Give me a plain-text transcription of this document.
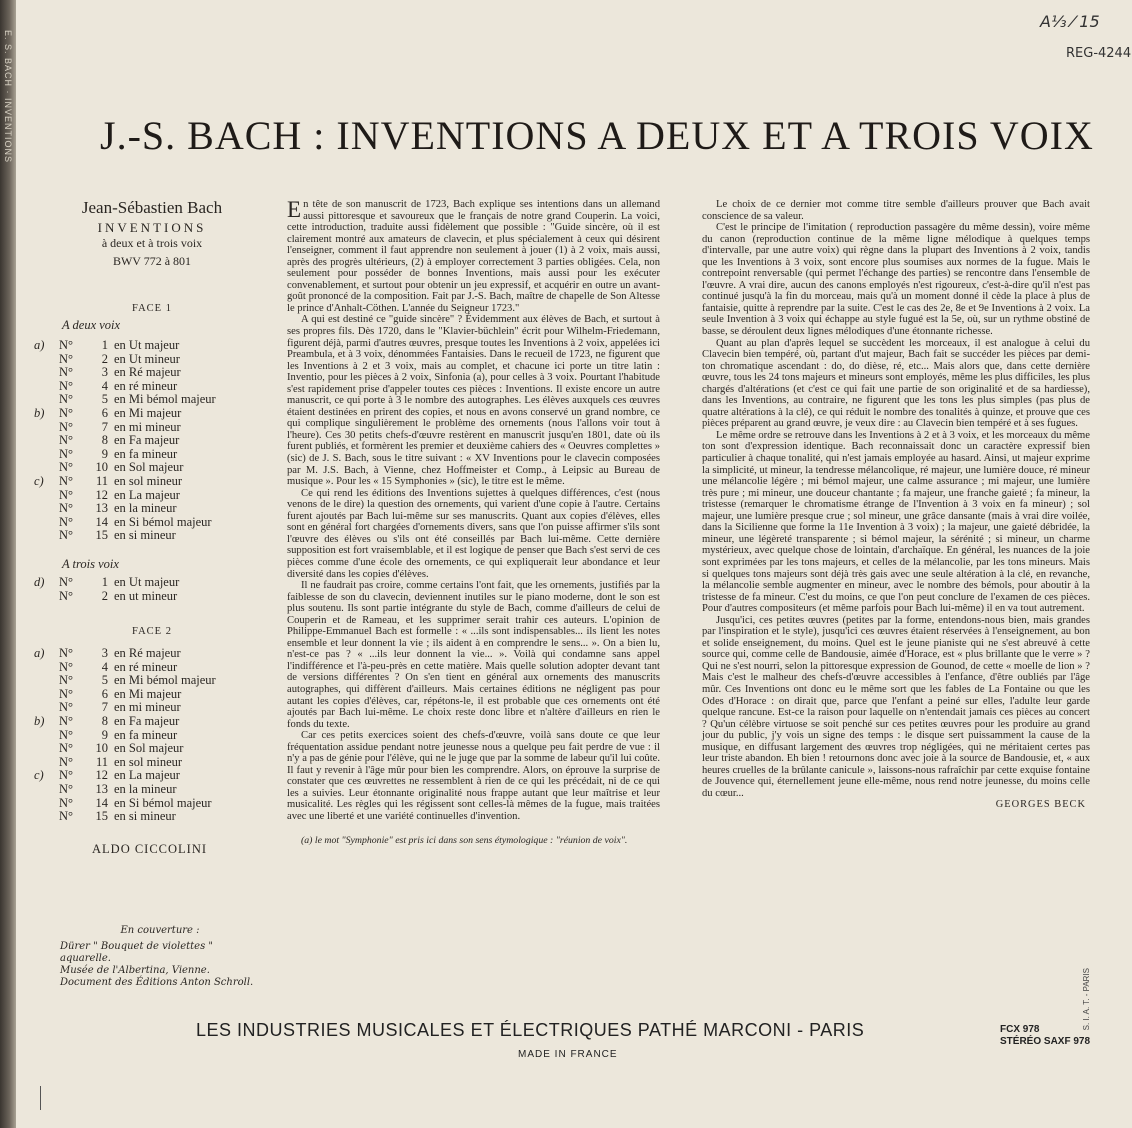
E. S. BACH · INVENTIONS
A⅓ ⁄ 15
REG-4244
J.-S. BACH : INVENTIONS A DEUX ET A TROIS VOIX
Jean-Sébastien Bach
INVENTIONS
à deux et à trois voix
BWV 772 à 801
FACE 1
A deux voix
a) N°	1 en Ut majeur
N°	2 en Ut mineur
N°	3 en Ré majeur
N°	4 en ré mineur
N°	5 en Mi bémol majeur
b) N°	6 en Mi majeur
N°	7 en mi mineur
N°	8 en Fa majeur
N°	9 en fa mineur
N° 10 en Sol majeur
c) N° 11 en sol mineur
N° 12 en La majeur
N° 13 en la mineur
N° 14 en Si bémol majeur
N° 15 en si mineur
A trois voix
d) N°	1 en Ut majeur
N°	2 en ut mineur
FACE 2
a) N°	3 en Ré majeur
N°	4 en ré mineur
N°	5 en Mi bémol majeur
N°	6 en Mi majeur
N°	7 en mi mineur
b) N°	8 en Fa majeur
N°	9 en fa mineur
N° 10 en Sol majeur
N° 11 en sol mineur
c) N° 12 en La majeur
N° 13 en la mineur
N° 14 en Si bémol majeur
N° 15 en si mineur
ALDO CICCOLINI
En couverture :
Dürer " Bouquet de violettes " aquarelle.
Musée de l'Albertina, Vienne.
Document des Éditions Anton Schroll.

En tête de son manuscrit de 1723, Bach explique ses intentions dans un allemand aussi pittoresque et savoureux que le français de notre grand Couperin. La voici, cette introduction, traduite aussi fidèlement que possible : "Guide sincère, où il est clairement montré aux amateurs de clavecin, et plus spécialement à ceux qui désirent l'enseigner, comment il faut apprendre non seulement à jouer (1) à 2 voix, mais aussi, après des progrès ultérieurs, (2) à employer correctement 3 parties obligées. Cela, non seulement pour posséder de bonnes Inventions, mais aussi pour les exécuter convenablement, et surtout pour obtenir un jeu expressif, et acquérir en outre un avant-goût prononcé de la composition. Fait par J.-S. Bach, maître de chapelle de Son Altesse le prince d'Anhalt-Cöthen. L'année du Seigneur 1723."

A qui est destiné ce "guide sincère" ? Évidemment aux élèves de Bach, et surtout à ses propres fils. Dès 1720, dans le "Klavier-büchlein" écrit pour Wilhelm-Friedemann, figurent déjà, parmi d'autres œuvres, presque toutes les Inventions à 2 voix, appelées ici Preambula, et à 3 voix, dénommées Fantaisies. Dans le recueil de 1723, ne figurent que les Inventions à 2 et 3 voix, mais au complet, et chacune ici porte un titre latin : Inventio, pour les pièces à 2 voix, Sinfonia (a), pour celles à 3 voix. Pourtant l'habitude s'est rapidement prise d'appeler toutes ces pièces : Inventions. Il existe encore un autre manuscrit, ce qui porte à 3 le nombre des autographes. Les élèves auxquels ces œuvres étaient destinées en prirent des copies, et nous en avons conservé un grand nombre, ce qui complique singulièrement le problème des ornements (nous l'allons voir tout à l'heure). Ces 30 petits chefs-d'œuvre restèrent en manuscrit jusqu'en 1801, date où ils furent publiés, et formèrent les premier et deuxième cahiers des « Oeuvres complettes » (sic) de J. S. Bach, sous le titre suivant : « XV Inventions pour le clavecin composées par M. J.S. Bach, à Vienne, chez Hoffmeister et Comp., à Leipsic au Bureau de musique ». Pour les « 15 Symphonies » (sic), le titre est le même.

Ce qui rend les éditions des Inventions sujettes à quelques différences, c'est (nous venons de le dire) la question des ornements, qui varient d'une copie à l'autre. Certains furent ajoutés par Bach lui-même sur ses manuscrits. Quant aux copies d'élèves, elles sont en général fort chargées d'ornements divers, sans que l'on puisse affirmer s'ils sont l'œuvre des élèves ou s'ils ont été conseillés par Bach lui-même. Cette dernière supposition est fort vraisemblable, et il est logique de penser que Bach s'est servi de ces pièces comme d'une école des ornements, ce qui expliquerait leur abondance et leur diversité dans les copies d'élèves.

Il ne faudrait pas croire, comme certains l'ont fait, que les ornements, justifiés par la faiblesse de son du clavecin, deviennent inutiles sur le piano moderne, dont le son est plus soutenu. Ils sont partie intégrante du style de Bach, comme d'ailleurs de celui de Couperin et de Rameau, et les supprimer serait trahir ces auteurs. L'opinion de Philippe-Emmanuel Bach est formelle : « ...ils sont indispensables... ils lient les notes ensemble et leur donnent la vie ; ils aident à en comprendre le sens... ». On a bien lu, n'est-ce pas ? « ...ils leur donnent la vie... ». Voilà qui condamne sans appel l'indifférence et l'à-peu-près en cette matière. Mais quelle solution adopter devant tant de versions différentes ? On s'en tient en général aux ornements des manuscrits autographes, qui diffèrent d'ailleurs. Mais certaines éditions ne négligent pas pour autant les copies d'élèves, car, répétons-le, il est probable que ces ornements ont été ajoutés par Bach lui-même. Le choix reste donc libre et n'altère d'ailleurs en rien le fonds du texte.

Car ces petits exercices soient des chefs-d'œuvre, voilà sans doute ce que leur fréquentation assidue pendant notre jeunesse nous a quelque peu fait perdre de vue : il n'y a pas de génie pour l'élève, qui ne le juge que par la somme de labeur qu'il lui coûte. Il faut y revenir à l'âge mûr pour bien les comprendre. Alors, on éprouve la surprise de constater que ces œuvrettes ne ressemblent à rien de ce qui les précédait, ni de ce qui les a suivies. Leur étonnante originalité nous frappe autant que leur maîtrise et leur musicalité. Les règles qui les régissent sont celles-là mêmes de la fugue, mais traitées avec une liberté et une variété continuelles d'invention.

(a) le mot "Symphonie" est pris ici dans son sens étymologique : "réunion de voix".

Le choix de ce dernier mot comme titre semble d'ailleurs prouver que Bach avait conscience de sa valeur.

C'est le principe de l'imitation ( reproduction passagère du même dessin), voire même du canon (reproduction continue de la même ligne mélodique à quelques temps d'intervalle, par une autre voix) qui règne dans la plupart des Inventions à 2 voix, tandis que les Inventions à 3 voix, sont encore plus soumises aux normes de la fugue. Mais le contrepoint renversable (qui permet l'échange des parties) se rencontre dans l'ensemble de l'œuvre. A vrai dire, aucun des canons employés n'est rigoureux, c'est-à-dire qu'il n'est pas continué jusqu'à la fin du morceau, mais qu'à un moment donné il cède la place à plus de fantaisie, quitte à reprendre par la suite. C'est le cas des 2e, 8e et 9e Inventions à 2 voix. La seule Invention à 3 voix qui échappe au style fugué est la 5e, où, sur un rythme obstiné de basse, se déroulent deux lignes mélodiques d'une étonnante richesse.

Quant au plan d'après lequel se succèdent les morceaux, il est analogue à celui du Clavecin bien tempéré, où, partant d'ut majeur, Bach fait se succéder les pièces par demi-ton chromatique ascendant : do, do dièse, ré, etc... Mais alors que, dans cette dernière œuvre, tous les 24 tons majeurs et mineurs sont employés, même les plus difficiles, les plus chargés d'altérations (et c'est ce qui fait une partie de son originalité et de sa hardiesse), dans les Inventions, au contraire, ne figurent que les tons les plus simples (pas plus de quatre altérations à la clé), ce qui réduit le nombre des tonalités à quinze, et prouve que ces pièces préparent au grand œuvre, je veux dire : au Clavecin bien tempéré et à ses fugues.

Le même ordre se retrouve dans les Inventions à 2 et à 3 voix, et les morceaux du même ton sont d'expression identique. Bach reconnaissait donc un caractère expressif bien particulier à chaque tonalité, qui n'est jamais employée au hasard. Ainsi, ut majeur exprime la simplicité, ut mineur, la tendresse mélancolique, ré majeur, une lumière douce, ré mineur une mélancolie légère ; mi bémol majeur, une calme assurance ; mi majeur, une lumière très pure ; mi mineur, une douceur chantante ; fa majeur, une franche gaieté ; fa mineur, la tristesse (remarquer le chromatisme étrange de l'Invention à 3 voix en fa mineur) ; sol majeur, une lumière presque crue ; sol mineur, une grâce dansante (mais à vrai dire voilée, dans la Sicilienne que forme la 11e Invention à 3 voix) ; la majeur, une gaieté débridée, la mineur, une légèreté transparente ; si bémol majeur, la sérénité ; si mineur, un charme mystérieux, avec quelque chose de lointain, d'archaïque. En général, les nuances de la joie sont exprimées par les tons majeurs, et celles de la mélancolie, par les tons mineurs. Mais si quelques tons majeurs sont déjà très gais avec une seule altération à la clé, en revanche, la mélancolie semble augmenter en mineur, avec le nombre des bémols, pour aboutir à la tristesse de fa mineur. C'est du moins, ce que l'on peut conclure de l'examen de ces pièces. Pour d'autres compositeurs (et même parfois pour Bach lui-même) il en va tout autrement.

Jusqu'ici, ces petites œuvres (petites par la forme, entendons-nous bien, mais grandes par l'inspiration et le style), jusqu'ici ces œuvres étaient réservées à l'enseignement, au bon et solide enseignement, du moins. Quel est le jeune pianiste qui ne s'est abreuvé à cette source qui, comme celle de Bandousie, aimée d'Horace, est « plus brillante que le verre » ? Qui ne s'est nourri, selon la pittoresque expression de Gounod, de cette « moelle de lion » ? Mais c'est le malheur des chefs-d'œuvre accessibles à l'enfance, d'être oubliés par l'âge mûr. Ces Inventions ont donc eu le même sort que les fables de La Fontaine ou que les Odes d'Horace : on dirait que, parce que l'enfant a peiné sur elles, l'adulte leur garde quelque rancune. Est-ce la raison pour laquelle on n'entendait jamais ces pièces au concert ? Qu'un célèbre virtuose se soit penché sur ces petites œuvres pour les produire au grand jour du public, j'y vois un signe des temps : le disque sert puissamment la cause de la musique, en diffusant largement des œuvres trop négligées, qui ne méritaient certes pas leur triste abandon. Eh bien ! retournons donc avec joie à la source de Bandousie, et, « aux heures cruelles de la brûlante canicule », laissons-nous rafraîchir par cette exquise fontaine de Jouvence qui, éternellement jeune elle-même, nous rend notre jeunesse, du moins celle du cœur...

GEORGES BECK
LES INDUSTRIES MUSICALES ET ÉLECTRIQUES PATHÉ MARCONI - PARIS
MADE IN FRANCE
FCX 978
STÉRÉO SAXF 978
S. I. A. T. - PARIS
